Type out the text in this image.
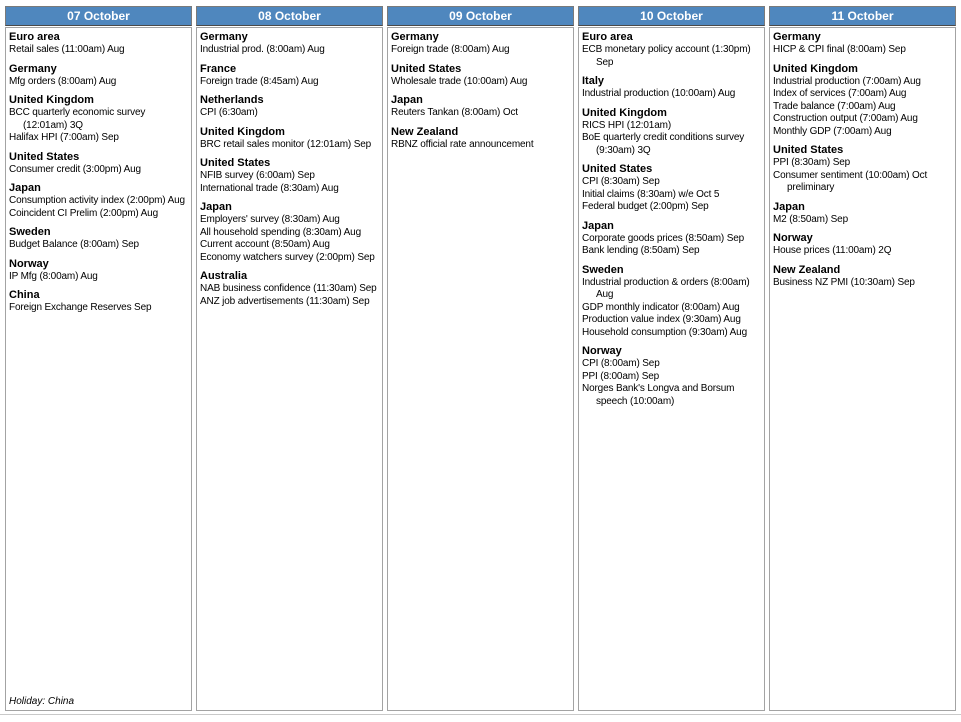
07 October
Euro area
Retail sales (11:00am) Aug
Germany
Mfg orders (8:00am) Aug
United Kingdom
BCC quarterly economic survey (12:01am) 3Q
Halifax HPI (7:00am) Sep
United States
Consumer credit (3:00pm) Aug
Japan
Consumption activity index (2:00pm) Aug
Coincident CI Prelim (2:00pm) Aug
Sweden
Budget Balance (8:00am) Sep
Norway
IP Mfg (8:00am) Aug
China
Foreign Exchange Reserves Sep
Holiday: China
08 October
Germany
Industrial prod. (8:00am) Aug
France
Foreign trade (8:45am) Aug
Netherlands
CPI (6:30am)
United Kingdom
BRC retail sales monitor (12:01am) Sep
United States
NFIB survey (6:00am) Sep
International trade (8:30am) Aug
Japan
Employers' survey (8:30am) Aug
All household spending (8:30am) Aug
Current account (8:50am) Aug
Economy watchers survey (2:00pm) Sep
Australia
NAB business confidence (11:30am) Sep
ANZ job advertisements (11:30am) Sep
09 October
Germany
Foreign trade (8:00am) Aug
United States
Wholesale trade (10:00am) Aug
Japan
Reuters Tankan (8:00am) Oct
New Zealand
RBNZ official rate announcement
10 October
Euro area
ECB monetary policy account (1:30pm) Sep
Italy
Industrial production (10:00am) Aug
United Kingdom
RICS HPI (12:01am)
BoE quarterly credit conditions survey (9:30am) 3Q
United States
CPI (8:30am) Sep
Initial claims (8:30am) w/e Oct 5
Federal budget (2:00pm) Sep
Japan
Corporate goods prices (8:50am) Sep
Bank lending (8:50am) Sep
Sweden
Industrial production & orders (8:00am) Aug
GDP monthly indicator (8:00am) Aug
Production value index (9:30am) Aug
Household consumption (9:30am) Aug
Norway
CPI (8:00am) Sep
PPI (8:00am) Sep
Norges Bank's Longva and Borsum speech (10:00am)
11 October
Germany
HICP & CPI final (8:00am) Sep
United Kingdom
Industrial production (7:00am) Aug
Index of services (7:00am) Aug
Trade balance (7:00am) Aug
Construction output (7:00am) Aug
Monthly GDP (7:00am) Aug
United States
PPI (8:30am) Sep
Consumer sentiment (10:00am) Oct preliminary
Japan
M2 (8:50am) Sep
Norway
House prices (11:00am) 2Q
New Zealand
Business NZ PMI (10:30am) Sep
